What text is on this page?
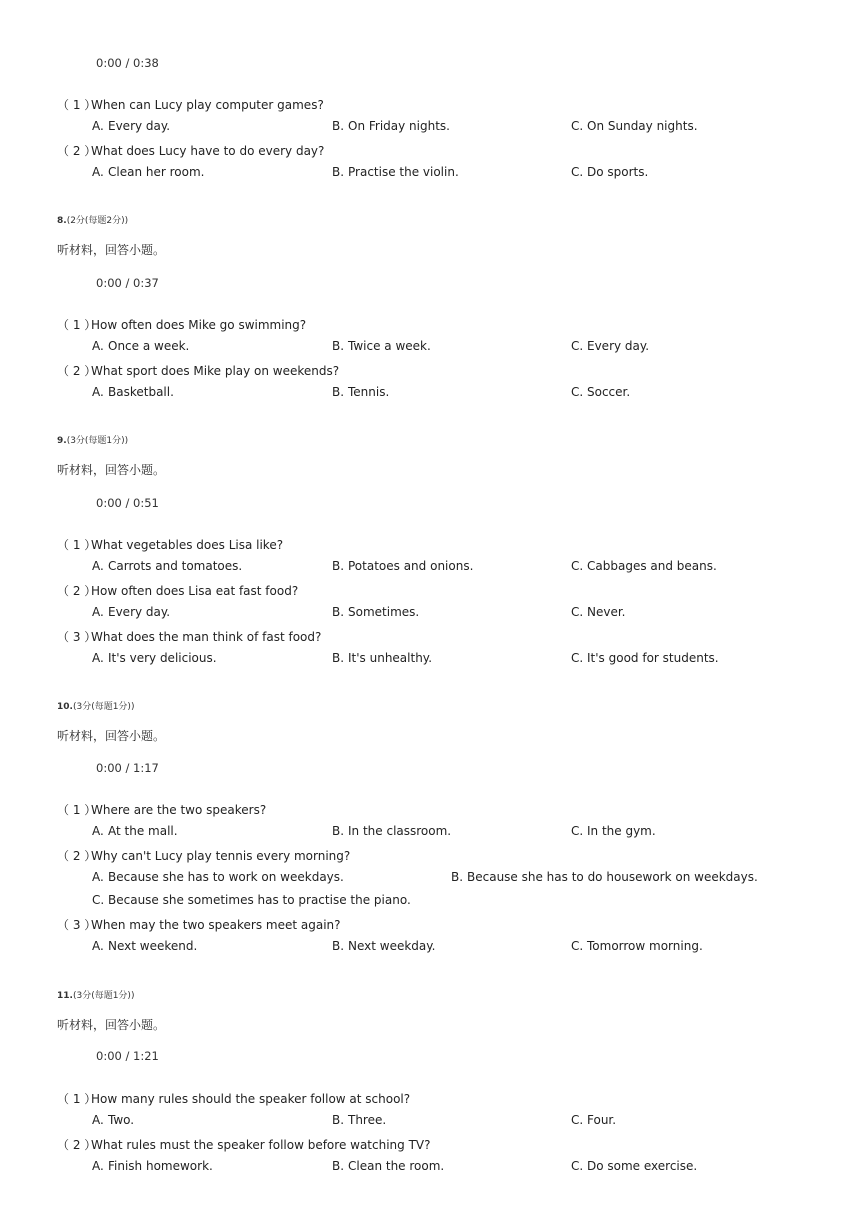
0:00 / 0:38
（ 1 ）When can Lucy play computer games?
A. Every day.	B. On Friday nights.	C. On Sunday nights.
（ 2 ）What does Lucy have to do every day?
A. Clean her room.	B. Practise the violin.	C. Do sports.
8.(2分(每题2分))
听材料，回答小题。
0:00 / 0:37
（ 1 ）How often does Mike go swimming?
A. Once a week.	B. Twice a week.	C. Every day.
（ 2 ）What sport does Mike play on weekends?
A. Basketball.	B. Tennis.	C. Soccer.
9.(3分(每题1分))
听材料，回答小题。
0:00 / 0:51
（ 1 ）What vegetables does Lisa like?
A. Carrots and tomatoes.	B. Potatoes and onions.	C. Cabbages and beans.
（ 2 ）How often does Lisa eat fast food?
A. Every day.	B. Sometimes.	C. Never.
（ 3 ）What does the man think of fast food?
A. It's very delicious.	B. It's unhealthy.	C. It's good for students.
10.(3分(每题1分))
听材料，回答小题。
0:00 / 1:17
（ 1 ）Where are the two speakers?
A. At the mall.	B. In the classroom.	C. In the gym.
（ 2 ）Why can't Lucy play tennis every morning?
A. Because she has to work on weekdays.	B. Because she has to do housework on weekdays.
C. Because she sometimes has to practise the piano.
（ 3 ）When may the two speakers meet again?
A. Next weekend.	B. Next weekday.	C. Tomorrow morning.
11.(3分(每题1分))
听材料，回答小题。
0:00 / 1:21
（ 1 ）How many rules should the speaker follow at school?
A. Two.	B. Three.	C. Four.
（ 2 ）What rules must the speaker follow before watching TV?
A. Finish homework.	B. Clean the room.	C. Do some exercise.
